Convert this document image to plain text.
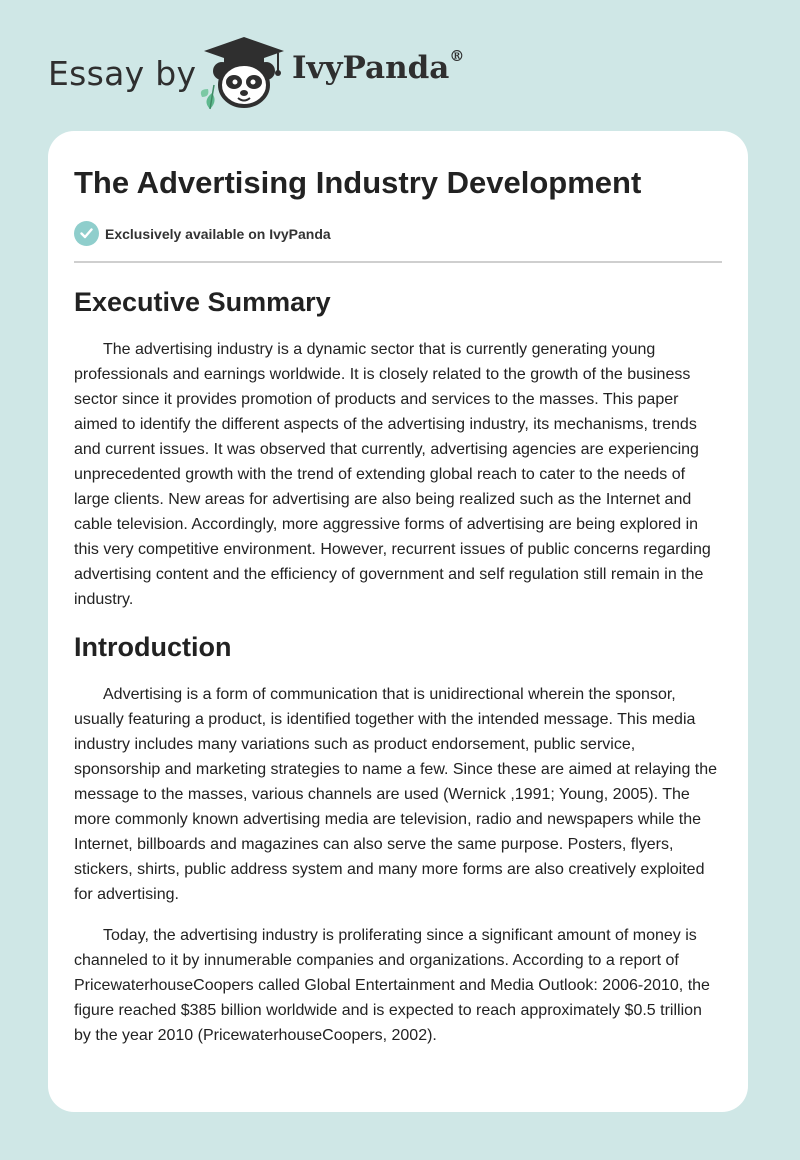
Essay by	IvyPanda®
The Advertising Industry Development
Exclusively available on IvyPanda
Executive Summary

The advertising industry is a dynamic sector that is currently generating young professionals and earnings worldwide. It is closely related to the growth of the business sector since it provides promotion of products and services to the masses. This paper aimed to identify the different aspects of the advertising industry, its mechanisms, trends and current issues. It was observed that currently, advertising agencies are experiencing unprecedented growth with the trend of extending global reach to cater to the needs of large clients. New areas for advertising are also being realized such as the Internet and cable television. Accordingly, more aggressive forms of advertising are being explored in this very competitive environment. However, recurrent issues of public concerns regarding advertising content and the efficiency of government and self regulation still remain in the industry.

Introduction

Advertising is a form of communication that is unidirectional wherein the sponsor, usually featuring a product, is identified together with the intended message. This media industry includes many variations such as product endorsement, public service, sponsorship and marketing strategies to name a few. Since these are aimed at relaying the message to the masses, various channels are used (Wernick ,1991; Young, 2005). The more commonly known advertising media are television, radio and newspapers while the Internet, billboards and magazines can also serve the same purpose. Posters, flyers, stickers, shirts, public address system and many more forms are also creatively exploited for advertising.

Today, the advertising industry is proliferating since a significant amount of money is channeled to it by innumerable companies and organizations. According to a report of PricewaterhouseCoopers called Global Entertainment and Media Outlook: 2006-2010, the figure reached $385 billion worldwide and is expected to reach approximately $0.5 trillion by the year 2010 (PricewaterhouseCoopers, 2002).
